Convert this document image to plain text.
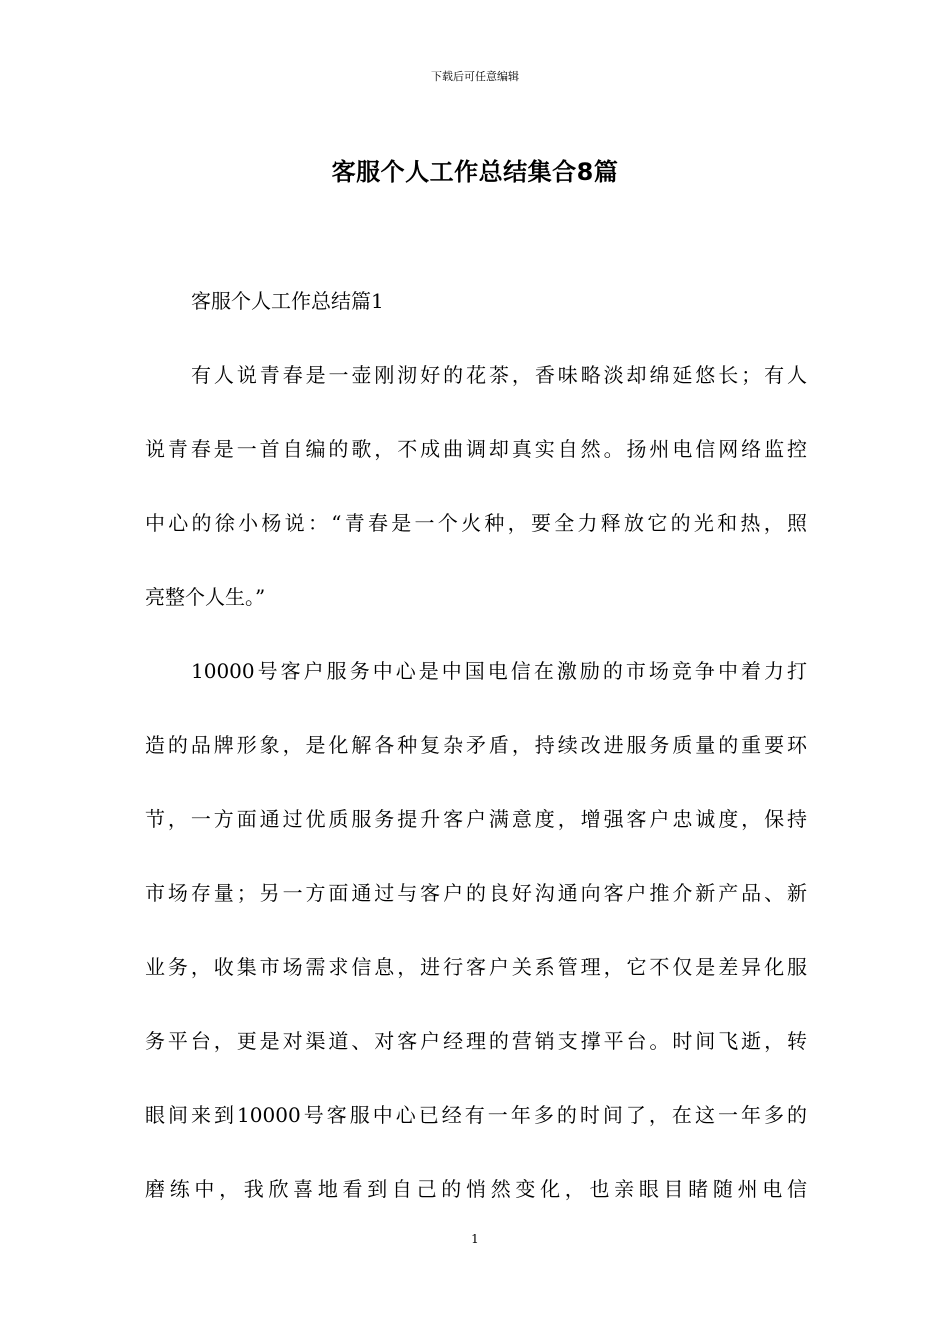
下载后可任意编辑
客服个人工作总结集合8篇
客服个人工作总结篇1
有人说青春是一壶刚沏好的花茶，香味略淡却绵延悠长；有人
说青春是一首自编的歌，不成曲调却真实自然。扬州电信网络监控
中心的徐小杨说：“青春是一个火种，要全力释放它的光和热，照
亮整个人生。”
10000号客户服务中心是中国电信在激励的市场竞争中着力打
造的品牌形象，是化解各种复杂矛盾，持续改进服务质量的重要环
节，一方面通过优质服务提升客户满意度，增强客户忠诚度，保持
市场存量；另一方面通过与客户的良好沟通向客户推介新产品、新
业务，收集市场需求信息，进行客户关系管理，它不仅是差异化服
务平台，更是对渠道、对客户经理的营销支撑平台。时间飞逝，转
眼间来到10000号客服中心已经有一年多的时间了，在这一年多的
磨练中，我欣喜地看到自己的悄然变化，也亲眼目睹随州电信
1
